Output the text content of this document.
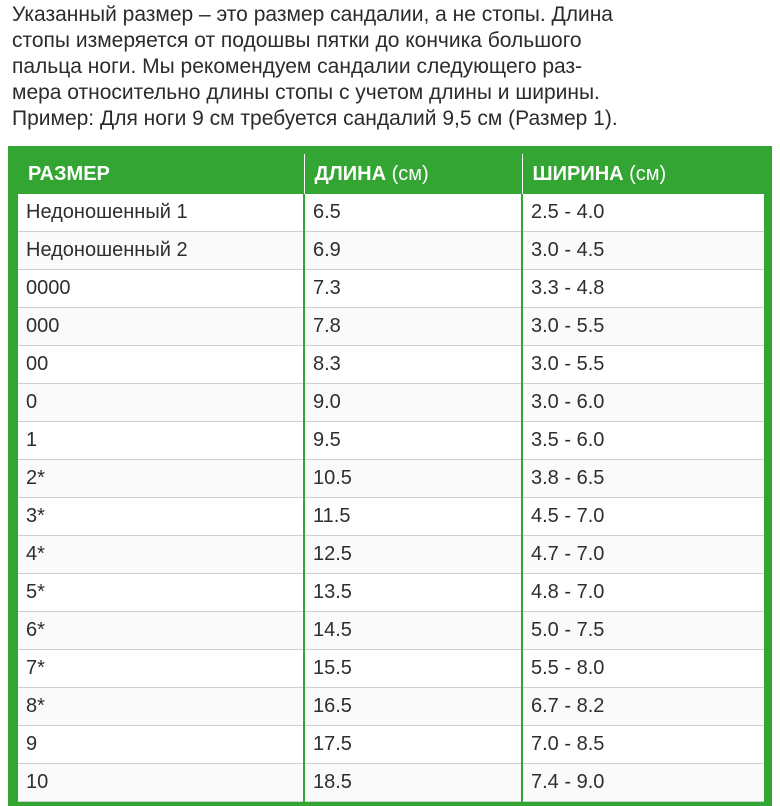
Указанный размер – это размер сандалии, а не стопы. Длина
стопы измеряется от подошвы пятки до кончика большого
пальца ноги. Мы рекомендуем сандалии следующего раз-
мера относительно длины стопы с учетом длины и ширины.
Пример: Для ноги 9 см требуется сандалий 9,5 см (Размер 1).
РАЗМЕР	ДЛИНА (см)	ШИРИНА (см)
Недоношенный 1	6.5	2.5 - 4.0
Недоношенный 2	6.9	3.0 - 4.5
0000	7.3	3.3 - 4.8
000	7.8	3.0 - 5.5
00	8.3	3.0 - 5.5
0	9.0	3.0 - 6.0
1	9.5	3.5 - 6.0
2*	10.5	3.8 - 6.5
3*	11.5	4.5 - 7.0
4*	12.5	4.7 - 7.0
5*	13.5	4.8 - 7.0
6*	14.5	5.0 - 7.5
7*	15.5	5.5 - 8.0
8*	16.5	6.7 - 8.2
9	17.5	7.0 - 8.5
10	18.5	7.4 - 9.0
